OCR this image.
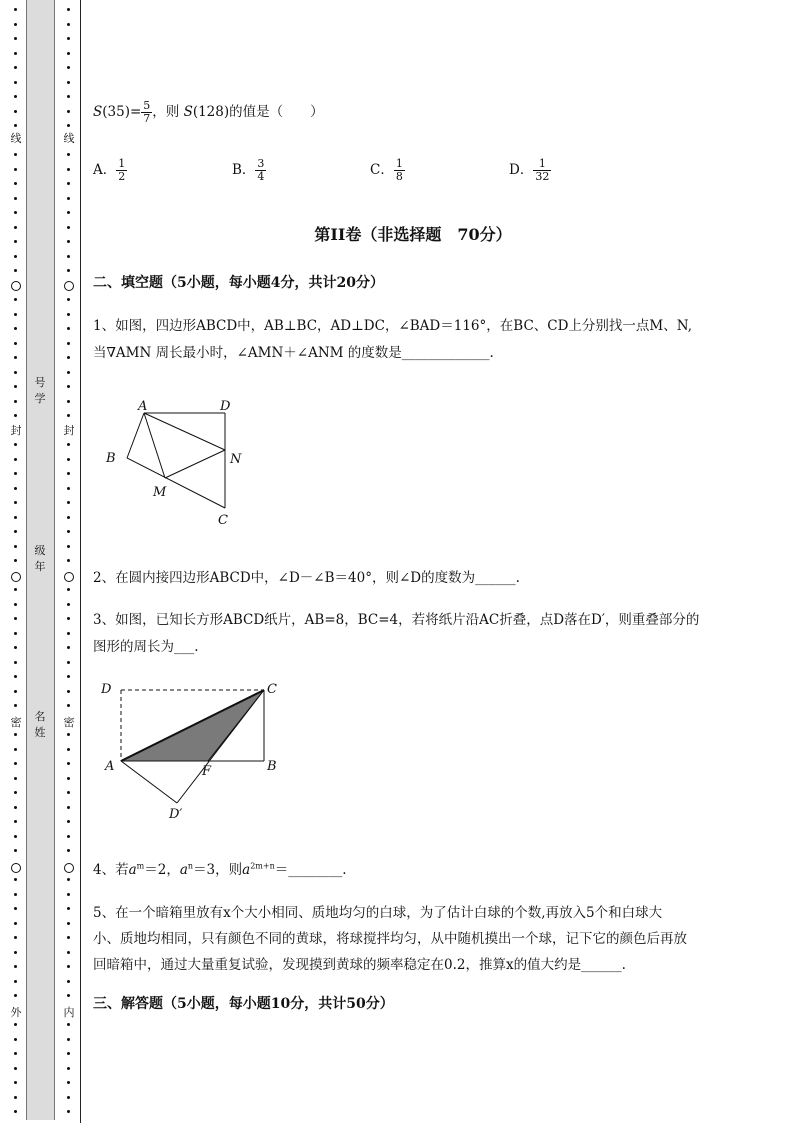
线	线
封	封
密	密
外	内
号学
级年
名姓
$S(35)= \frac{5}{7}$ ，则 S(128)的值是（　　）
A． $\frac{1}{2}$	B． $\frac{3}{4}$	C． $\frac{1}{8}$	D． $\frac{1}{32}$
第II卷（非选择题　70分）
二、填空题（5小题，每小题4分，共计20分）
1、如图，四边形ABCD中，AB⊥BC，AD⊥DC，∠BAD＝116°，在BC、CD上分别找一点M、N,
当∇AMN 周长最小时，∠AMN＋∠ANM 的度数是_____________.
A	D
B	N
M
C
2、在圆内接四边形ABCD中，∠D－∠B＝40°，则∠D的度数为______.
3、如图，已知长方形ABCD纸片，AB=8，BC=4，若将纸片沿AC折叠，点D落在D′，则重叠部分的
图形的周长为___.
D	C
A	F	B
D′
4、若$a^m=2$，$a^n=3$，则$a^{2m+n}=\_\_\_\_\_\_\_\_$.
5、在一个暗箱里放有x个大小相同、质地均匀的白球，为了估计白球的个数,再放入5个和白球大
小、质地均相同，只有颜色不同的黄球，将球搅拌均匀，从中随机摸出一个球，记下它的颜色后再放
回暗箱中，通过大量重复试验，发现摸到黄球的频率稳定在0.2，推算x的值大约是______.
三、解答题（5小题，每小题10分，共计50分）
